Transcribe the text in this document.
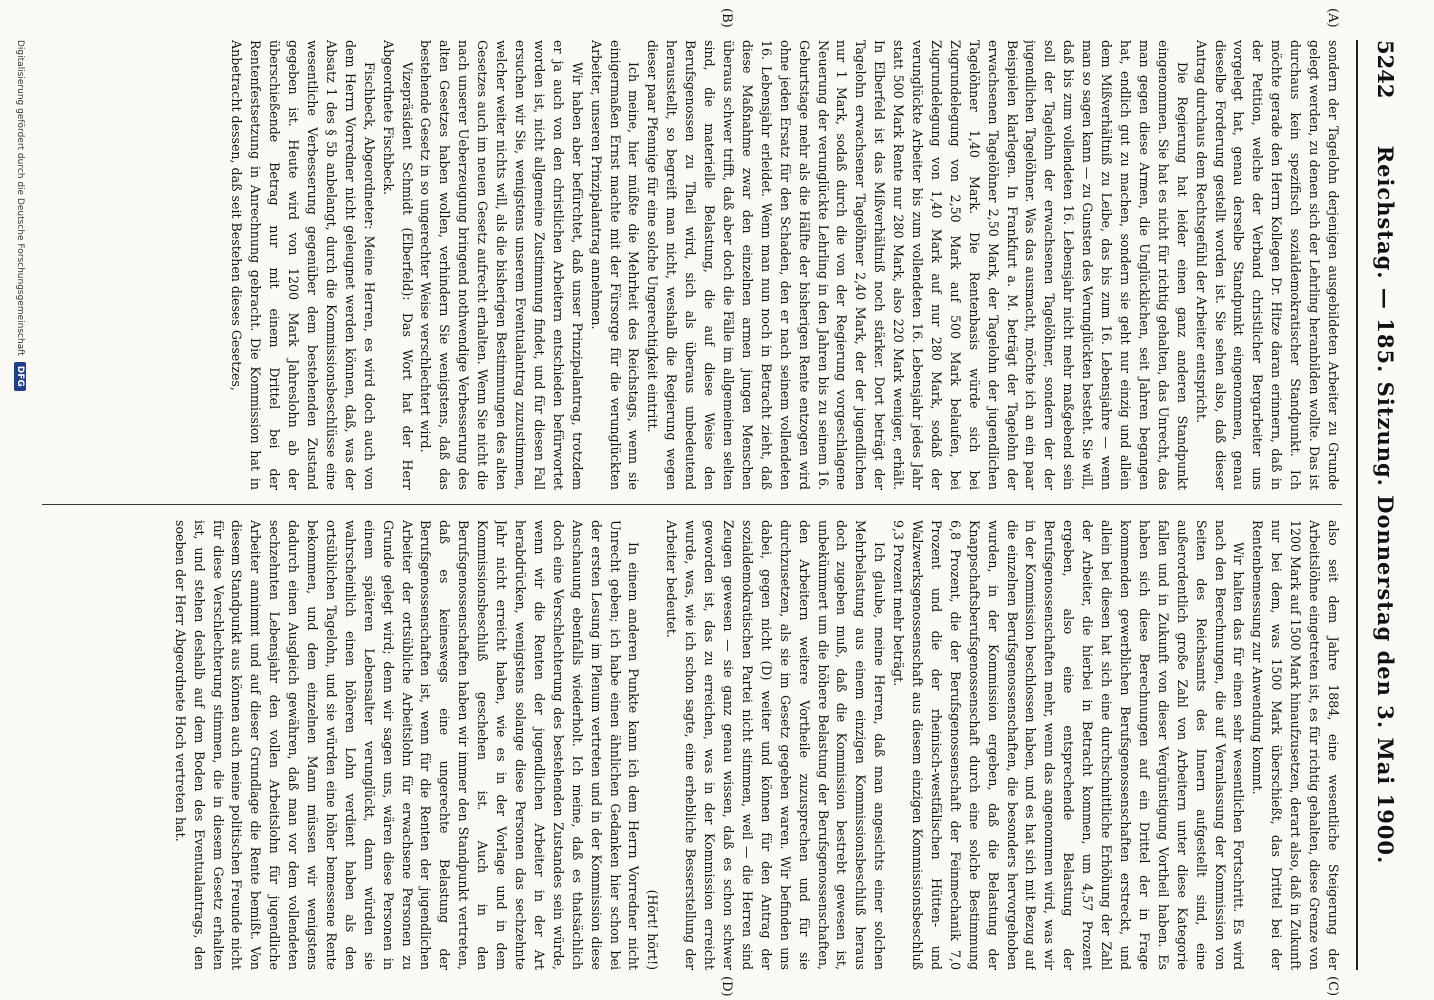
5242
Reichstag. — 185. Sitzung. Donnerstag den 3. Mai 1900.
(A)
(B)
(C)
(D)

sondern der Tagelohn derjenigen ausgebildeten Arbeiter zu Grunde gelegt werden, zu denen sich der Lehrling heranbilden wollte. Das ist durchaus kein spezifisch sozialdemokratischer Standpunkt. Ich möchte gerade den Herrn Kollegen Dr. Hitze daran erinnern, daß in der Petition, welche der Verband christlicher Bergarbeiter uns vorgelegt hat, genau derselbe Standpunkt eingenommen, genau dieselbe Forderung gestellt worden ist. Sie sehen also, daß dieser Antrag durchaus dem Rechtsgefühl der Arbeiter entspricht.

Die Regierung hat leider einen ganz anderen Standpunkt eingenommen. Sie hat es nicht für richtig gehalten, das Unrecht, das man gegen diese Armen, die Unglücklichen, seit Jahren begangen hat, endlich gut zu machen, sondern sie geht nur einzig und allein dem Mißverhältniß zu Leibe, das bis zum 16. Lebensjahre — wenn man so sagen kann — zu Gunsten des Verunglückten besteht. Sie will, daß bis zum vollendeten 16. Lebensjahr nicht mehr maßgebend sein soll der Tagelohn der erwachsenen Tagelöhner, sondern der der jugendlichen Tagelöhner. Was das ausmacht, möchte ich an ein paar Beispielen klarlegen. In Frankfurt a. M. beträgt der Tagelohn der erwachsenen Tagelöhner 2,50 Mark, der Tagelohn der jugendlichen Tagelöhner 1,40 Mark. Die Rentenbasis würde sich bei Zugrundelegung von 2,50 Mark auf 500 Mark belaufen, bei Zugrundelegung von 1,40 Mark auf nur 280 Mark, sodaß der verunglückte Arbeiter bis zum vollendeten 16. Lebensjahr jedes Jahr statt 500 Mark Rente nur 280 Mark, also 220 Mark weniger, erhält. In Elberfeld ist das Mißverhältniß noch stärker. Dort beträgt der Tagelohn erwachsener Tagelöhner 2,40 Mark, der der jugendlichen nur 1 Mark, sodaß durch die von der Regierung vorgeschlagene Neuerung der verunglückte Lehrling in den Jahren bis zu seinem 16. Geburtstage mehr als die Hälfte der bisherigen Rente entzogen wird ohne jeden Ersatz für den Schaden, den er nach seinem vollendeten 16. Lebensjahr erleidet. Wenn man nun noch in Betracht zieht, daß diese Maßnahme zwar den einzelnen armen jungen Menschen überaus schwer trifft, daß aber doch die Fälle im allgemeinen selten sind, die materielle Belastung, die auf diese Weise den Berufsgenossen zu Theil wird, sich als überaus unbedeutend herausstellt, so begreift man nicht, weshalb die Regierung wegen dieser paar Pfennige für eine solche Ungerechtigkeit eintritt.

Ich meine, hier müßte die Mehrheit des Reichstags, wenn sie einigermaßen Ernst machte mit der Fürsorge für die verunglückten Arbeiter, unseren Prinzipalantrag annehmen.

Wir haben aber befürchtet, daß unser Prinzipalantrag, trotzdem er ja auch von den christlichen Arbeitern entschieden befürwortet worden ist, nicht allgemeine Zustimmung findet, und für diesen Fall ersuchen wir Sie, wenigstens unserem Eventualantrag zuzustimmen, welcher weiter nichts will, als die bisherigen Bestimmungen des alten Gesetzes auch im neuen Gesetz aufrecht erhalten. Wenn Sie nicht die nach unserer Ueberzeugung bringend nothwendige Verbesserung des alten Gesetzes haben wollen, verhindern Sie wenigstens, daß das bestehende Gesetz in so ungerechter Weise verschlechtert wird.

Vizepräsident Schmidt (Elberfeld): Das Wort hat der Herr Abgeordnete Fischbeck.

Fischbeck, Abgeordneter: Meine Herren, es wird doch auch von dem Herrn Vorredner nicht geleugnet werden können, daß, was der Absatz 1 des § 5b anbelangt, durch die Kommissionsbeschlüsse eine wesentliche Verbesserung gegenüber dem bestehenden Zustand gegeben ist. Heute wird von 1200 Mark Jahreslohn ab der überschießende Betrag nur mit einem Drittel bei der Rentenfestsetzung in Anrechnung gebracht. Die Kommission hat in Anbetracht dessen, daß seit Bestehen dieses Gesetzes,

also seit dem Jahre 1884, eine wesentliche Steigerung der Arbeitslöhne eingetreten ist, es für richtig gehalten, diese Grenze von 1200 Mark auf 1500 Mark hinaufzusetzen, derart also, daß in Zukunft nur bei dem, was 1500 Mark überschießt, das Drittel bei der Rentenbemessung zur Anwendung kommt.

Wir halten das für einen sehr wesentlichen Fortschritt. Es wird nach den Berechnungen, die auf Veranlassung der Kommission von Seiten des Reichsamts des Innern aufgestellt sind, eine außerordentlich große Zahl von Arbeitern unter diese Kategorie fallen und in Zukunft von dieser Vergünstigung Vortheil haben. Es haben sich diese Berechnungen auf ein Drittel der in Frage kommenden gewerblichen Berufsgenossenschaften erstreckt, und allein bei diesen hat sich eine durchschnittliche Erhöhung der Zahl der Arbeiter, die hierbei in Betracht kommen, um 4,57 Prozent ergeben, also eine entsprechende Belastung der Berufsgenossenschaften mehr, wenn das angenommen wird, was wir in der Kommission beschlossen haben, und es hat sich mit Bezug auf die einzelnen Berufsgenossenschaften, die besonders hervorgehoben wurden, in der Kommission ergeben, daß die Belastung der Knappschaftsberufsgenossenschaft durch eine solche Bestimmung 6,8 Prozent, die der Berufsgenossenschaft der Feinmechanik 7,0 Prozent und die der rheinisch-westfälischen Hütten- und Walzwerksgenossenschaft aus diesem einzigen Kommissionsbeschluß 9,3 Prozent mehr beträgt.

Ich glaube, meine Herren, daß man angesichts einer solchen Mehrbelastung aus einem einzigen Kommissionsbeschluß heraus doch zugeben muß, daß die Kommission bestrebt gewesen ist, unbekümmert um die höhere Belastung der Berufsgenossenschaften, den Arbeitern weitere Vortheile zuzusprechen und für sie durchzusetzen, als sie im Gesetz gegeben waren. Wir befinden uns dabei, gegen nicht (D) weiter und können für den Antrag der sozialdemokratischen Partei nicht stimmen, weil — die Herren sind Zeugen gewesen — sie ganz genau wissen, daß es schon schwer geworden ist, das zu erreichen, was in der Kommission erreicht wurde, was, wie ich schon sagte, eine erhebliche Besserstellung der Arbeiter bedeutet.

(Hört! hört!)

In einem anderen Punkte kann ich dem Herrn Vorredner nicht Unrecht geben; ich habe einen ähnlichen Gedanken hier schon bei der ersten Lesung im Plenum vertreten und in der Kommission diese Anschauung ebenfalls wiederholt. Ich meine, daß es thatsächlich doch eine Verschlechterung des bestehenden Zustandes sein würde, wenn wir die Renten der jugendlichen Arbeiter in der Art herabdrücken, wenigstens solange diese Personen das sechzehnte Jahr nicht erreicht haben, wie es in der Vorlage und in dem Kommissionsbeschluß geschehen ist. Auch in den Berufsgenossenschaften haben wir immer den Standpunkt vertreten, daß es keineswegs eine ungerechte Belastung der Berufsgenossenschaften ist, wenn für die Renten der jugendlichen Arbeiter der ortsübliche Arbeitslohn für erwachsene Personen zu Grunde gelegt wird; denn wir sagen uns, wären diese Personen in einem späteren Lebensalter verunglückt, dann würden sie wahrscheinlich einen höheren Lohn verdient haben als den ortsüblichen Tagelohn, und sie würden eine höher bemessene Rente bekommen, und dem einzelnen Mann müssen wir wenigstens dadurch einen Ausgleich gewähren, daß man vor dem vollendeten sechzehnten Lebensjahr den vollen Arbeitslohn für jugendliche Arbeiter annimmt und auf dieser Grundlage die Rente bemißt. Von diesem Standpunkt aus können auch meine politischen Freunde nicht für diese Verschlechterung stimmen, die in diesem Gesetz erhalten ist, und stehen deshalb auf dem Boden des Eventualantrags, den soeben der Herr Abgeordnete Hoch vertreten hat.

Digitalisierung gefördert durch die Deutsche Forschungsgemeinschaft
DFG
